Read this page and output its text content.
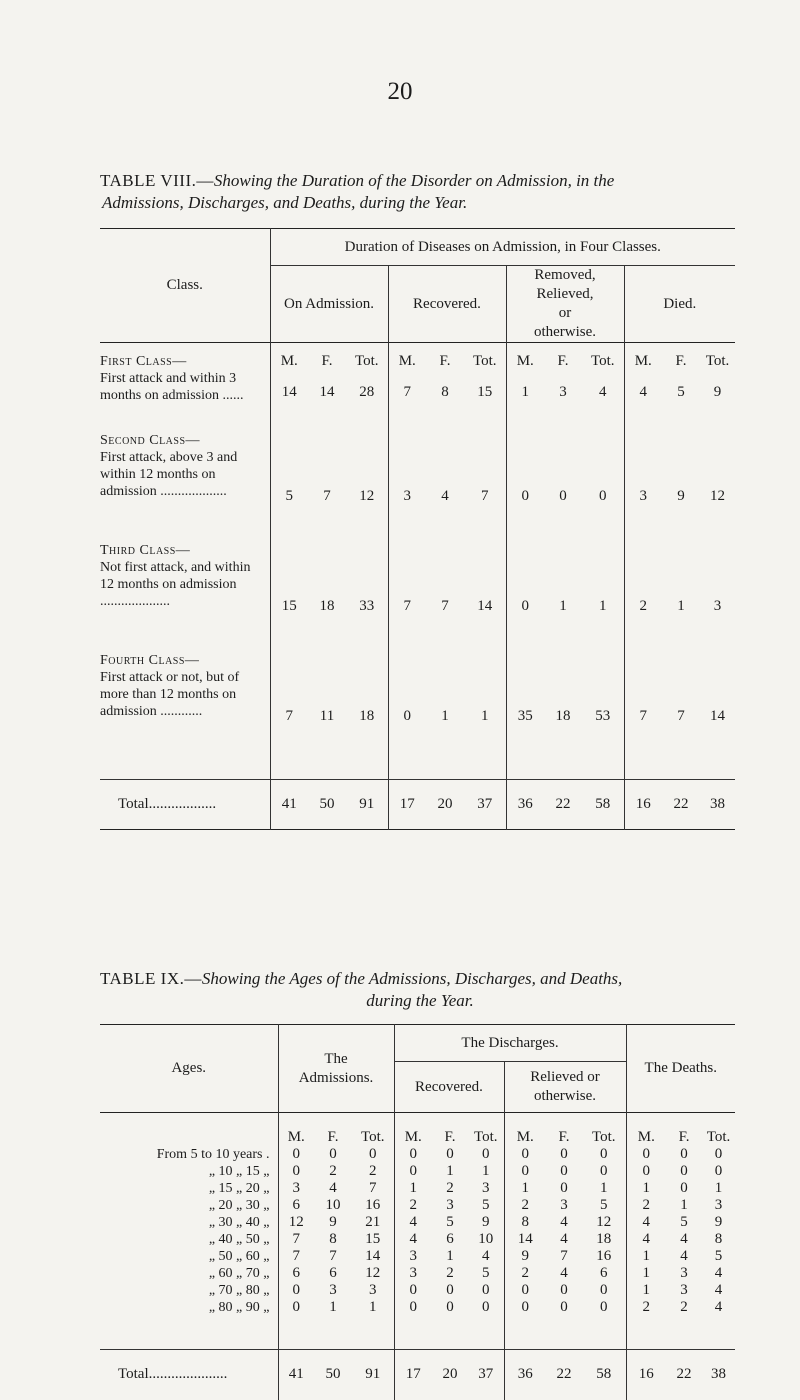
20
TABLE VIII.—Showing the Duration of the Disorder on Admission, in the
Admissions, Discharges, and Deaths, during the Year.
Class.	Duration of Diseases on Admission, in Four Classes.											
	On Admission.			Recovered.			Removed, Relieved, or otherwise.			Died.		

First Class—
First attack and within 3 months on admission ......	M.	F.	Tot.	M.	F.	Tot.	M.	F.	Tot.	M.	F.	Tot.
	14	14	28	7	8	15	1	3	4	4	5	9

Second Class—
First attack, above 3 and within 12 months on admission ...................	5	7	12	3	4	7	0	0	0	3	9	12

Third Class—
Not first attack, and within 12 months on admission ....................	15	18	33	7	7	14	0	1	1	2	1	3

Fourth Class—
First attack or not, but of more than 12 months on admission ............	7	11	18	0	1	1	35	18	53	7	7	14

Total..................	41	50	91	17	20	37	36	22	58	16	22	38
TABLE IX.—Showing the Ages of the Admissions, Discharges, and Deaths,

during the Year.
Ages.	The Admissions.			The Discharges.						The Deaths.		
				Recovered.			Relieved or otherwise.					

	M.	F.	Tot.	M.	F.	Tot.	M.	F.	Tot.	M.	F.	Tot.
From 5 to 10 years .	0	0	0	0	0	0	0	0	0	0	0	0
„ 10 „ 15 „	0	2	2	0	1	1	0	0	0	0	0	0
„ 15 „ 20 „	3	4	7	1	2	3	1	0	1	1	0	1
„ 20 „ 30 „	6	10	16	2	3	5	2	3	5	2	1	3
„ 30 „ 40 „	12	9	21	4	5	9	8	4	12	4	5	9
„ 40 „ 50 „	7	8	15	4	6	10	14	4	18	4	4	8
„ 50 „ 60 „	7	7	14	3	1	4	9	7	16	1	4	5
„ 60 „ 70 „	6	6	12	3	2	5	2	4	6	1	3	4
„ 70 „ 80 „	0	3	3	0	0	0	0	0	0	1	3	4
„ 80 „ 90 „	0	1	1	0	0	0	0	0	0	2	2	4

Total.....................	41	50	91	17	20	37	36	22	58	16	22	38
